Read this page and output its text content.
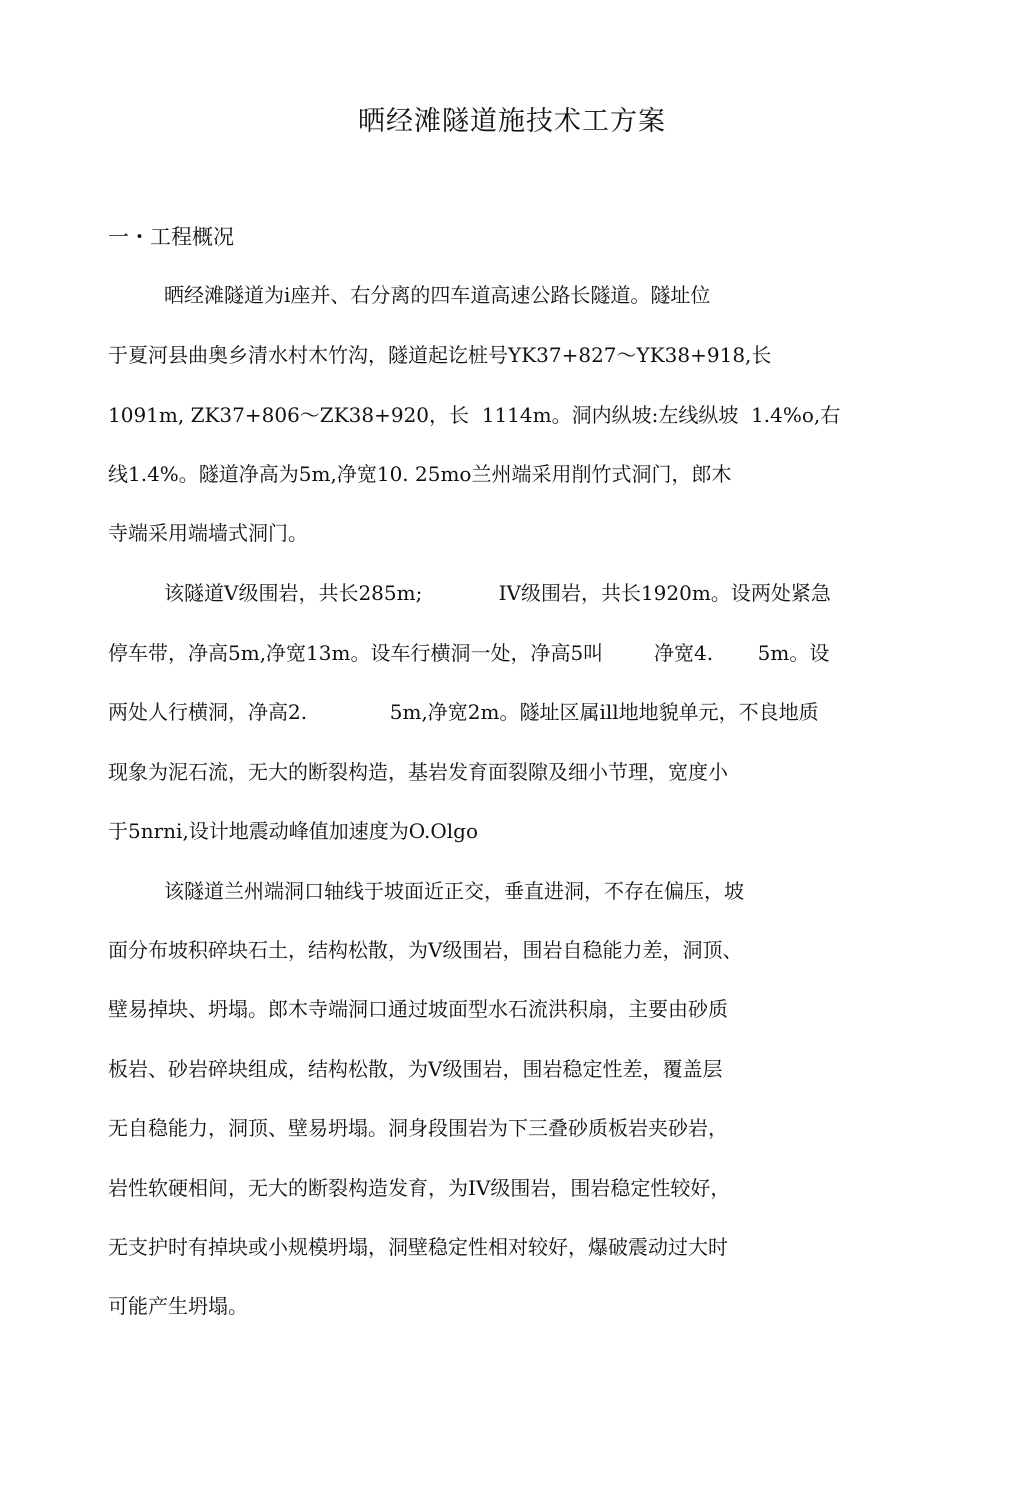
晒经滩隧道施技术工方案
一・工程概况
晒经滩隧道为i座并、右分离的四车道高速公路长隧道。隧址位
于夏河县曲奥乡清水村木竹沟，隧道起讫桩号YK37+827〜YK38+918,长
1091m, ZK37+806〜ZK38+920，长  1114m。洞内纵坡:左线纵坡  1.4%o,右
线1.4%。隧道净高为5m,净宽10. 25mo兰州端采用削竹式洞门，郎木
寺端采用端墙式洞门。
该隧道V级围岩，共长285m;            IV级围岩，共长1920m。设两处紧急
停车带，净高5m,净宽13m。设车行横洞一处，净高5叫        净宽4.       5m。设
两处人行横洞，净高2.             5m,净宽2m。隧址区属ill地地貌单元，不良地质
现象为泥石流，无大的断裂构造，基岩发育面裂隙及细小节理，宽度小
于5nrni,设计地震动峰值加速度为O.Olgo
该隧道兰州端洞口轴线于坡面近正交，垂直进洞，不存在偏压，坡
面分布坡积碎块石土，结构松散，为V级围岩，围岩自稳能力差，洞顶、
壁易掉块、坍塌。郎木寺端洞口通过坡面型水石流洪积扇，主要由砂质
板岩、砂岩碎块组成，结构松散，为V级围岩，围岩稳定性差，覆盖层
无自稳能力，洞顶、壁易坍塌。洞身段围岩为下三叠砂质板岩夹砂岩，
岩性软硬相间，无大的断裂构造发育，为IV级围岩，围岩稳定性较好，
无支护时有掉块或小规模坍塌，洞壁稳定性相对较好，爆破震动过大时
可能产生坍塌。
